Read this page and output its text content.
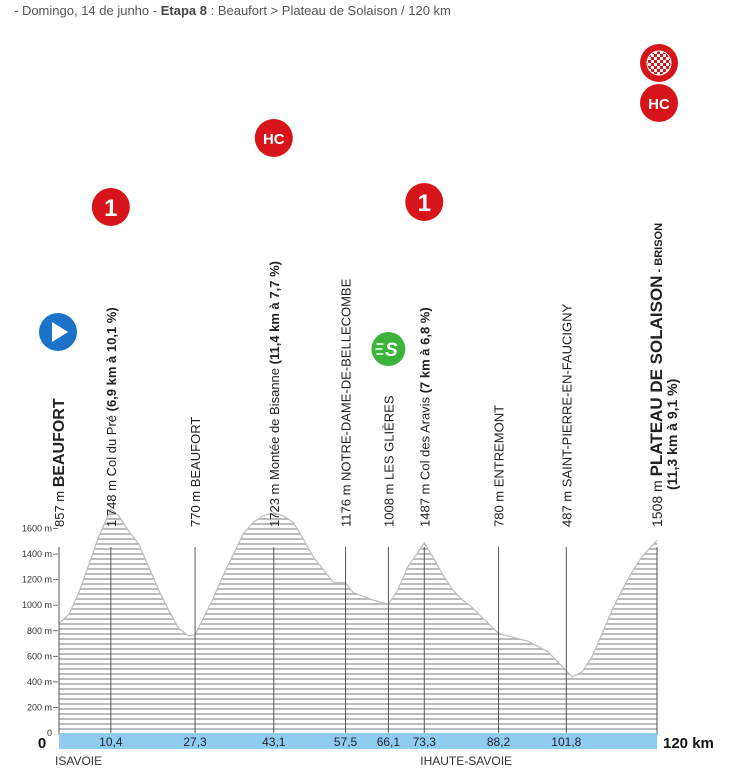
- Domingo, 14 de junho - Etapa 8 : Beaufort > Plateau de Solaison / 120 km
200 m
400 m
600 m
800 m
1000 m
1200 m
1400 m
1600 m
0
0	10,4	27,3	43,1	57,5 66,1 73,3	88,2	101,8	120 km
ISAVOIE	IHAUTE-SAVOIE
857 m BEAUFORT
1 748 m Col du Pré (6,9 km à 10,1 %)
770 m BEAUFORT
1723 m Montée de Bisanne (11,4 km à 7,7 %)
1176 m NOTRE-DAME-DE-BELLECOMBE
1008 m LES GLIÈRES
1487 m Col des Aravis (7 km à 6,8 %)
780 m ENTREMONT
487 m SAINT-PIERRE-EN-FAUCIGNY
1508 m PLATEAU DE SOLAISON - BRISON
(11,3 km à 9,1 %)
1
HC
S
1
HC
